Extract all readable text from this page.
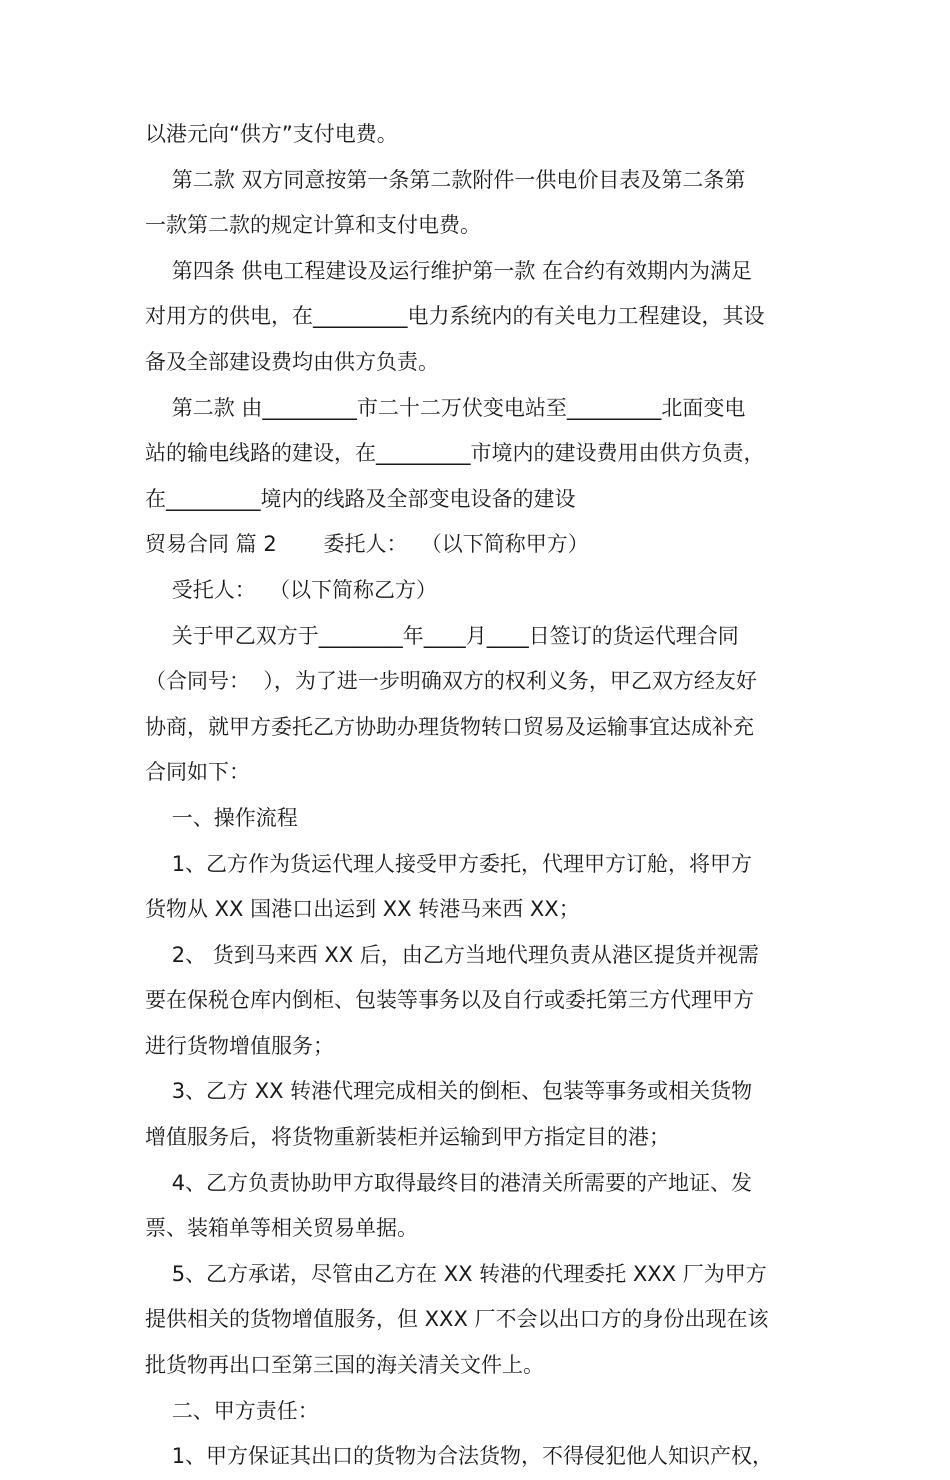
以港元向“供方”支付电费。
第二款 双方同意按第一条第二款附件一供电价目表及第二条第
一款第二款的规定计算和支付电费。
第四条 供电工程建设及运行维护第一款 在合约有效期内为满足
对用方的供电，在_________电力系统内的有关电力工程建设，其设
备及全部建设费均由供方负责。
第二款 由_________市二十二万伏变电站至_________北面变电
站的输电线路的建设，在_________市境内的建设费用由供方负责，
在_________境内的线路及全部变电设备的建设
贸易合同 篇 2       委托人：  （以下简称甲方）
受托人：  （以下简称乙方）
关于甲乙双方于________年____月____日签订的货运代理合同
（合同号：  ），为了进一步明确双方的权利义务，甲乙双方经友好
协商，就甲方委托乙方协助办理货物转口贸易及运输事宜达成补充
合同如下：
一、操作流程
1、乙方作为货运代理人接受甲方委托，代理甲方订舱，将甲方
货物从 XX 国港口出运到 XX 转港马来西 XX；
2、 货到马来西 XX 后，由乙方当地代理负责从港区提货并视需
要在保税仓库内倒柜、包装等事务以及自行或委托第三方代理甲方
进行货物增值服务；
3、乙方 XX 转港代理完成相关的倒柜、包装等事务或相关货物
增值服务后，将货物重新装柜并运输到甲方指定目的港；
4、乙方负责协助甲方取得最终目的港清关所需要的产地证、发
票、装箱单等相关贸易单据。
5、乙方承诺，尽管由乙方在 XX 转港的代理委托 XXX 厂为甲方
提供相关的货物增值服务，但 XXX 厂不会以出口方的身份出现在该
批货物再出口至第三国的海关清关文件上。
二、甲方责任：
1、甲方保证其出口的货物为合法货物，不得侵犯他人知识产权，
